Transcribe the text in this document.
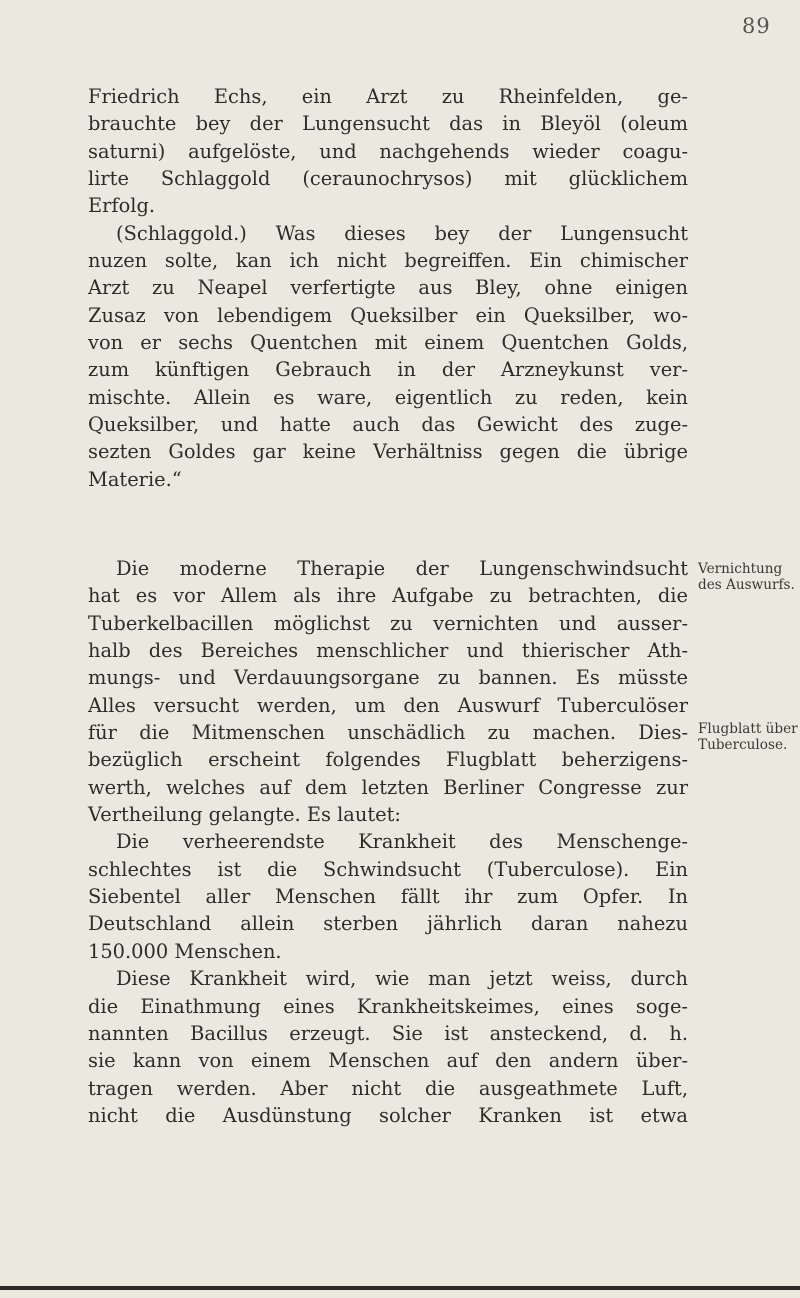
89
Friedrich Echs, ein Arzt zu Rheinfelden, ge-
brauchte bey der Lungensucht das in Bleyöl (oleum
saturni) aufgelöste, und nachgehends wieder coagu-
lirte Schlaggold (ceraunochrysos) mit glücklichem
Erfolg.
(Schlaggold.) Was dieses bey der Lungensucht
nuzen solte, kan ich nicht begreiffen. Ein chimischer
Arzt zu Neapel verfertigte aus Bley, ohne einigen
Zusaz von lebendigem Queksilber ein Queksilber, wo-
von er sechs Quentchen mit einem Quentchen Golds,
zum künftigen Gebrauch in der Arzneykunst ver-
mischte. Allein es ware, eigentlich zu reden, kein
Queksilber, und hatte auch das Gewicht des zuge-
sezten Goldes gar keine Verhältniss gegen die übrige
Materie.“
Die moderne Therapie der Lungenschwindsucht
hat es vor Allem als ihre Aufgabe zu betrachten, die
Tuberkelbacillen möglichst zu vernichten und ausser-
halb des Bereiches menschlicher und thierischer Ath-
mungs- und Verdauungsorgane zu bannen. Es müsste
Alles versucht werden, um den Auswurf Tuberculöser
für die Mitmenschen unschädlich zu machen. Dies-
bezüglich erscheint folgendes Flugblatt beherzigens-
werth, welches auf dem letzten Berliner Congresse zur
Vertheilung gelangte. Es lautet:
Die verheerendste Krankheit des Menschenge-
schlechtes ist die Schwindsucht (Tuberculose). Ein
Siebentel aller Menschen fällt ihr zum Opfer. In
Deutschland allein sterben jährlich daran nahezu
150.000 Menschen.
Diese Krankheit wird, wie man jetzt weiss, durch
die Einathmung eines Krankheitskeimes, eines soge-
nannten Bacillus erzeugt. Sie ist ansteckend, d. h.
sie kann von einem Menschen auf den andern über-
tragen werden. Aber nicht die ausgeathmete Luft,
nicht die Ausdünstung solcher Kranken ist etwa
Vernichtung
des Auswurfs.
Flugblatt über
Tuberculose.
